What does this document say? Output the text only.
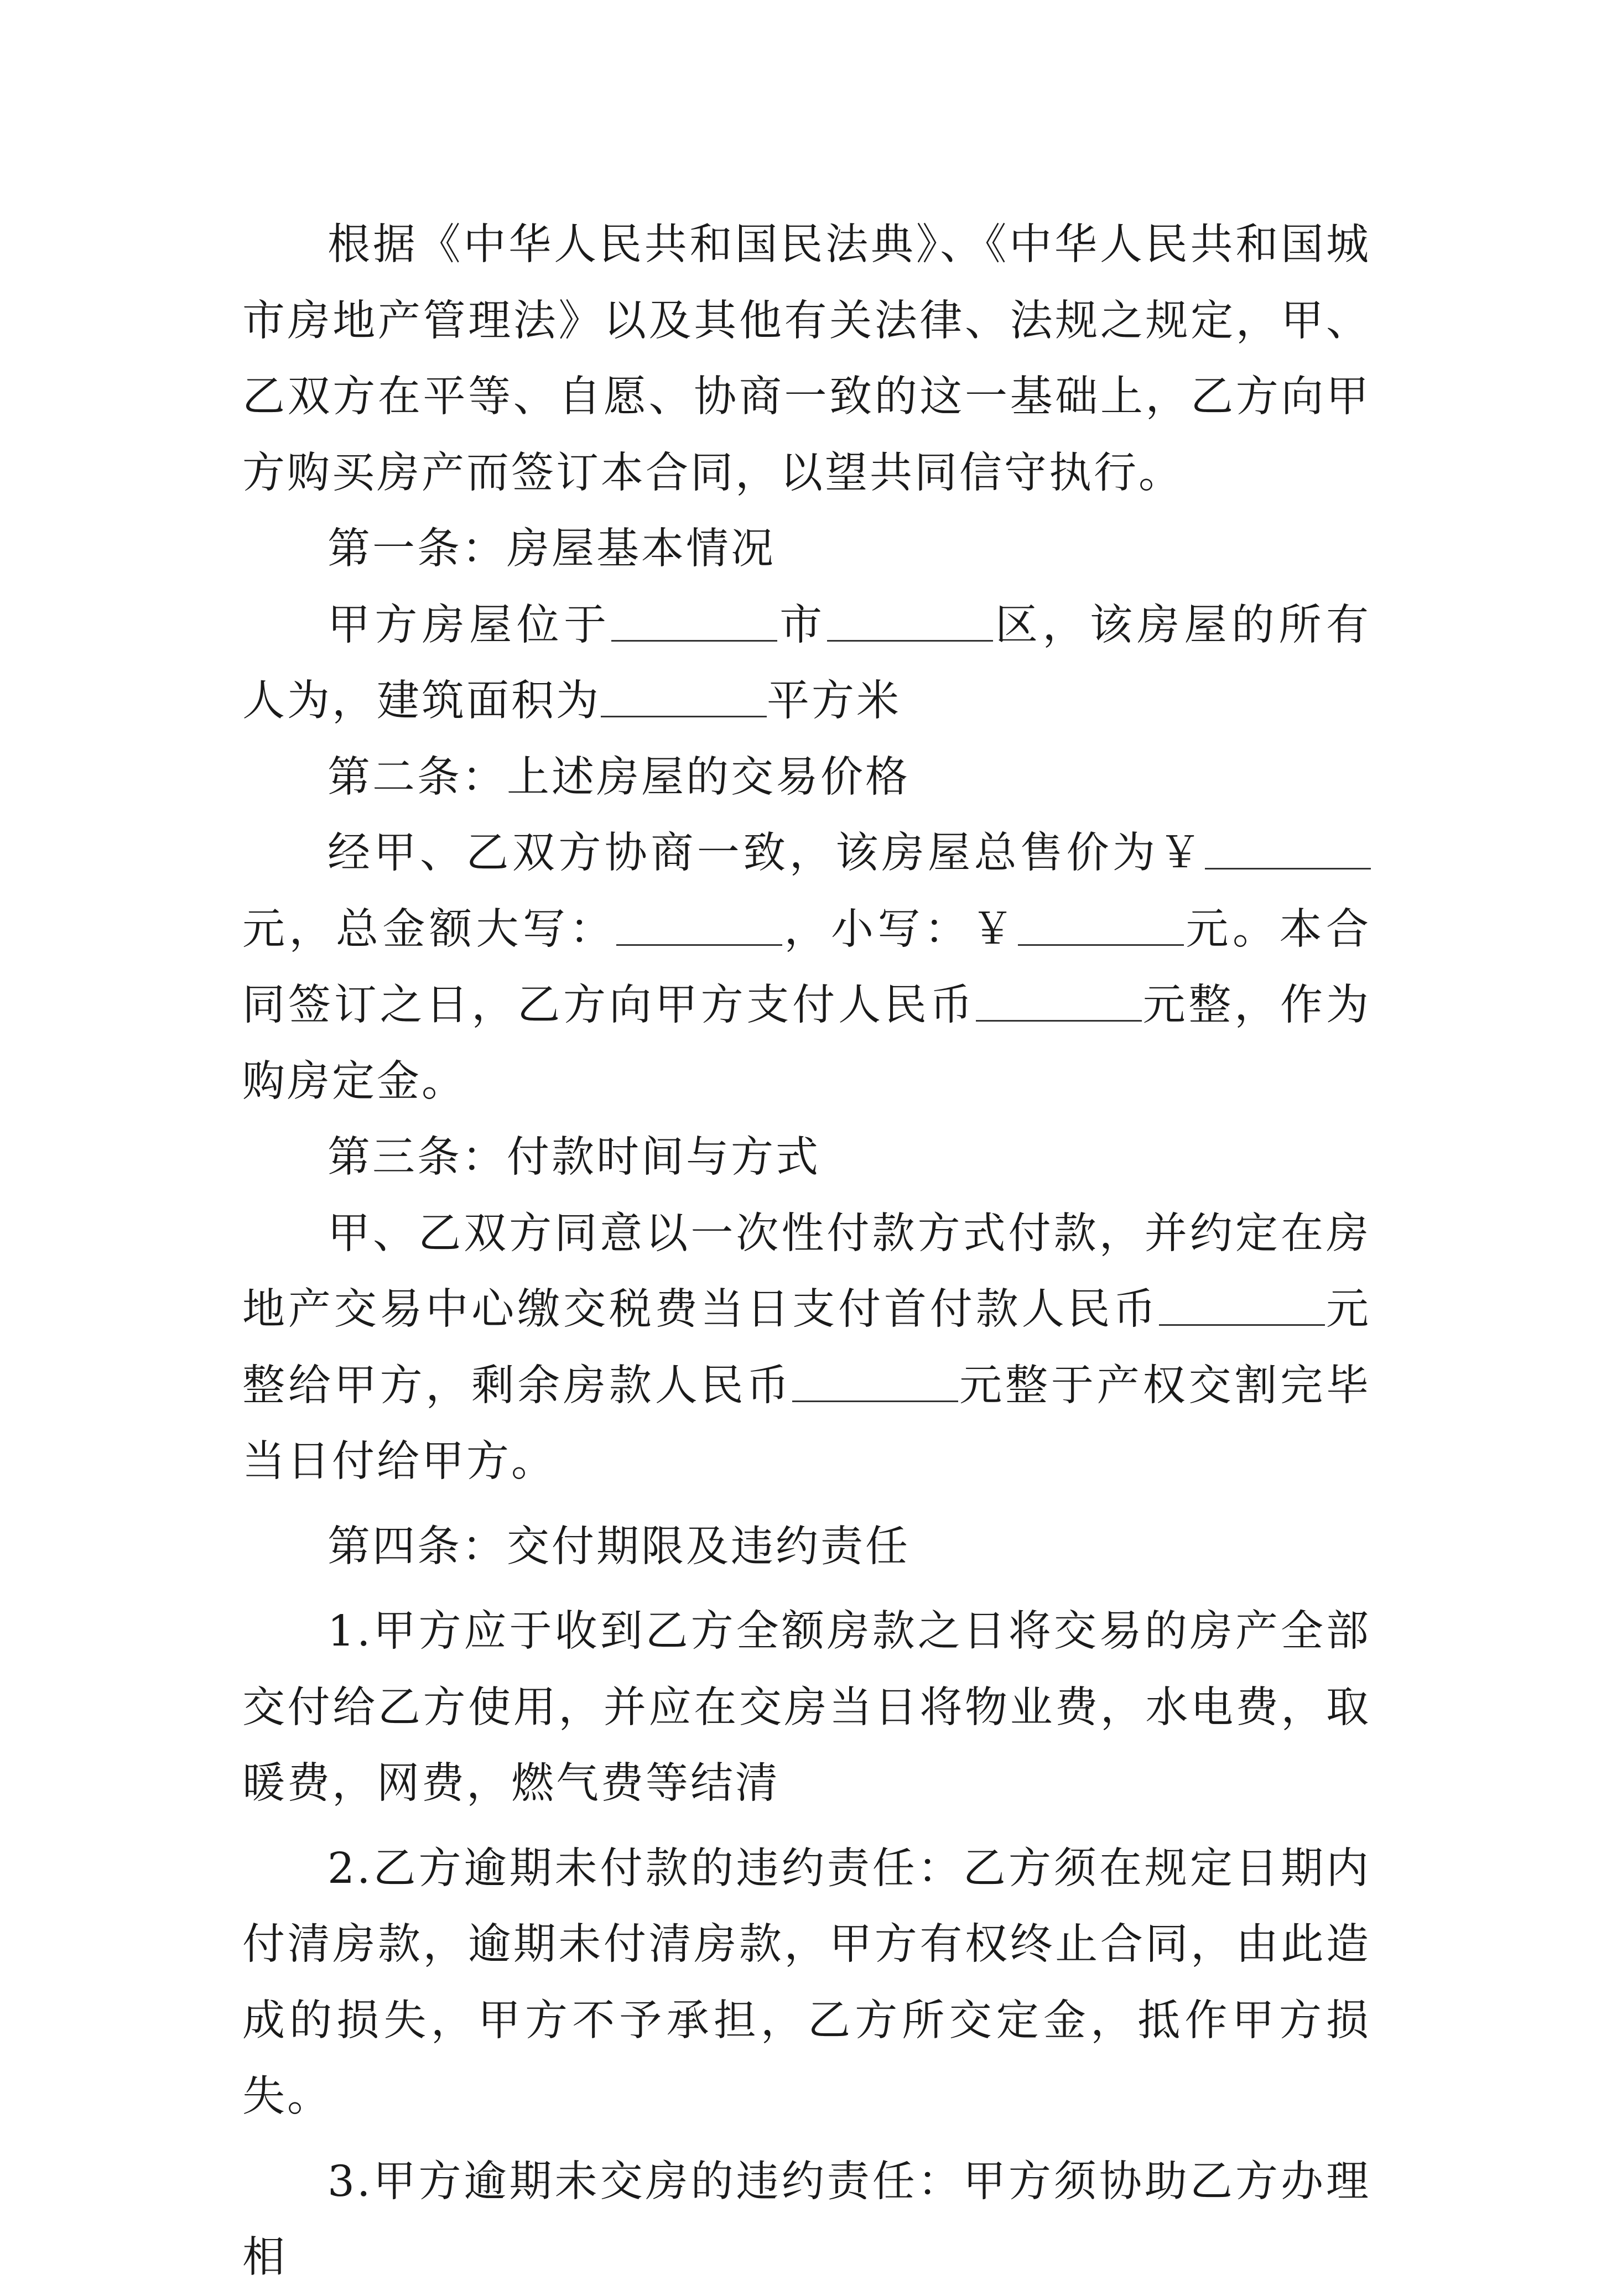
根据《中华人民共和国民法典》、《中华人民共和国城市房地产管理法》以及其他有关法律、法规之规定，甲、乙双方在平等、自愿、协商一致的这一基础上，乙方向甲方购买房产而签订本合同，以望共同信守执行。

第一条：房屋基本情况

甲方房屋位于	市	区，该房屋的所有人为，建筑面积为	平方米

第二条：上述房屋的交易价格

经甲、乙双方协商一致，该房屋总售价为￥元，总金额大写：	，小写：￥	元。本合同签订之日，乙方向甲方支付人民币	元整，作为购房定金。

第三条：付款时间与方式

甲、乙双方同意以一次性付款方式付款，并约定在房地产交易中心缴交税费当日支付首付款人民币	元整给甲方，剩余房款人民币	元整于产权交割完毕当日付给甲方。

第四条：交付期限及违约责任

1.甲方应于收到乙方全额房款之日将交易的房产全部交付给乙方使用，并应在交房当日将物业费，水电费，取暖费，网费，燃气费等结清

2.乙方逾期未付款的违约责任：乙方须在规定日期内付清房款，逾期未付清房款，甲方有权终止合同，由此造成的损失，甲方不予承担，乙方所交定金，抵作甲方损失。

3.甲方逾期未交房的违约责任：甲方须协助乙方办理相
